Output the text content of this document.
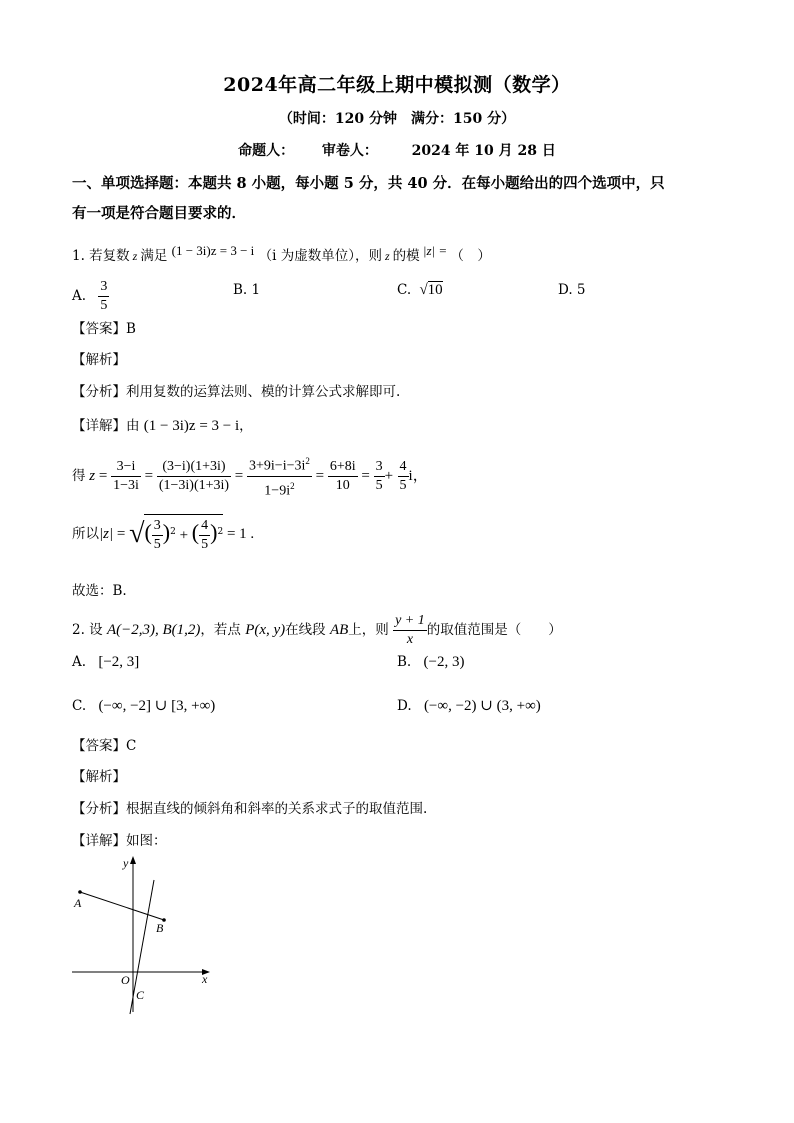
2024年高二年级上期中模拟测（数学）
（时间：120 分钟　满分：150 分）
命题人： 审卷人： 2024 年 10 月 28 日
一、单项选择题：本题共 8 小题，每小题 5 分，共 40 分．在每小题给出的四个选项中，只
有一项是符合题目要求的．
1. 若复数 z 满足 (1 − 3i)z = 3 − i （i 为虚数单位），则 z 的模 |z| = （　）
A. $\frac{3}{5}$	B. 1	C. √10	D. 5
【答案】B
【解析】
【分析】利用复数的运算法则、模的计算公式求解即可.
【详解】由 (1 − 3i)z = 3 − i，
得 $z = \frac{3-i}{1-3i} = \frac{(3-i)(1+3i)}{(1-3i)(1+3i)} = \frac{3+9i-i-3i^2}{1-9i^2} = \frac{6+8i}{10} = \frac{3}{5} + \frac{4}{5}$ i，
所以|z| = √( $\frac{3}{5} )^2$ + ( $\frac{4}{5} )^2 = 1$ .
故选：B.
2. 设 A(−2,3), B(1,2)，若点 P(x, y)在线段 AB上，则 $\frac{y + 1}{x}$ 的取值范围是（　　）
A. [−2, 3]	B. (−2, 3)
C. (−∞, −2] ∪ [3, +∞)	D. (−∞, −2) ∪ (3, +∞)
【答案】C
【解析】
【分析】根据直线的倾斜角和斜率的关系求式子的取值范围.
【详解】如图：
y
x
A
B
O
C
